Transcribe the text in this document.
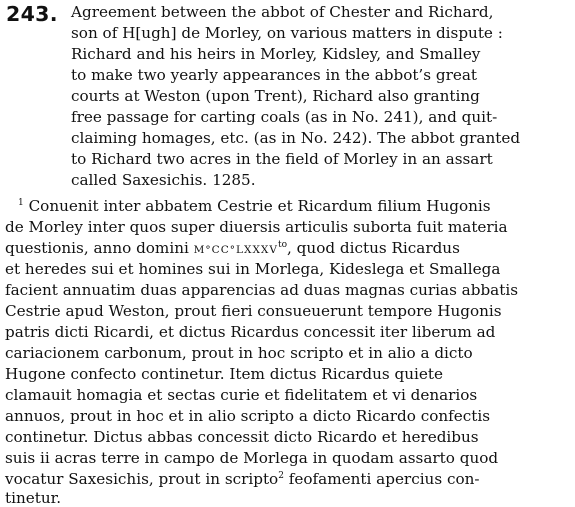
243. Agreement between the abbot of Chester and Richard,
son of H[ugh] de Morley, on various matters in dispute :
Richard and his heirs in Morley, Kidsley, and Smalley
to make two yearly appearances in the abbot’s great
courts at Weston (upon Trent), Richard also granting
free passage for carting coals (as in No. 241), and quit-
claiming homages, etc. (as in No. 242). The abbot granted
to Richard two acres in the field of Morley in an assart
called Saxesichis. 1285.
$^1$ Conuenit inter abbatem Cestrie et Ricardum filium Hugonis
de Morley inter quos super diuersis articulis suborta fuit materia
questionis, anno domini $M^\circ CC^\circ LXXXV^{to}$, quod dictus Ricardus
et heredes sui et homines sui in Morlega, Kideslega et Smallega
facient annuatim duas apparencias ad duas magnas curias abbatis
Cestrie apud Weston, prout fieri consueuerunt tempore Hugonis
patris dicti Ricardi, et dictus Ricardus concessit iter liberum ad
cariacionem carbonum, prout in hoc scripto et in alio a dicto
Hugone confecto continetur. Item dictus Ricardus quiete
clamauit homagia et sectas curie et fidelitatem et vi denarios
annuos, prout in hoc et in alio scripto a dicto Ricardo confectis
continetur. Dictus abbas concessit dicto Ricardo et heredibus
suis ii acras terre in campo de Morlega in quodam assarto quod
vocatur Saxesichis, prout in scripto$^2$ feofamenti apercius con-
tinetur.
